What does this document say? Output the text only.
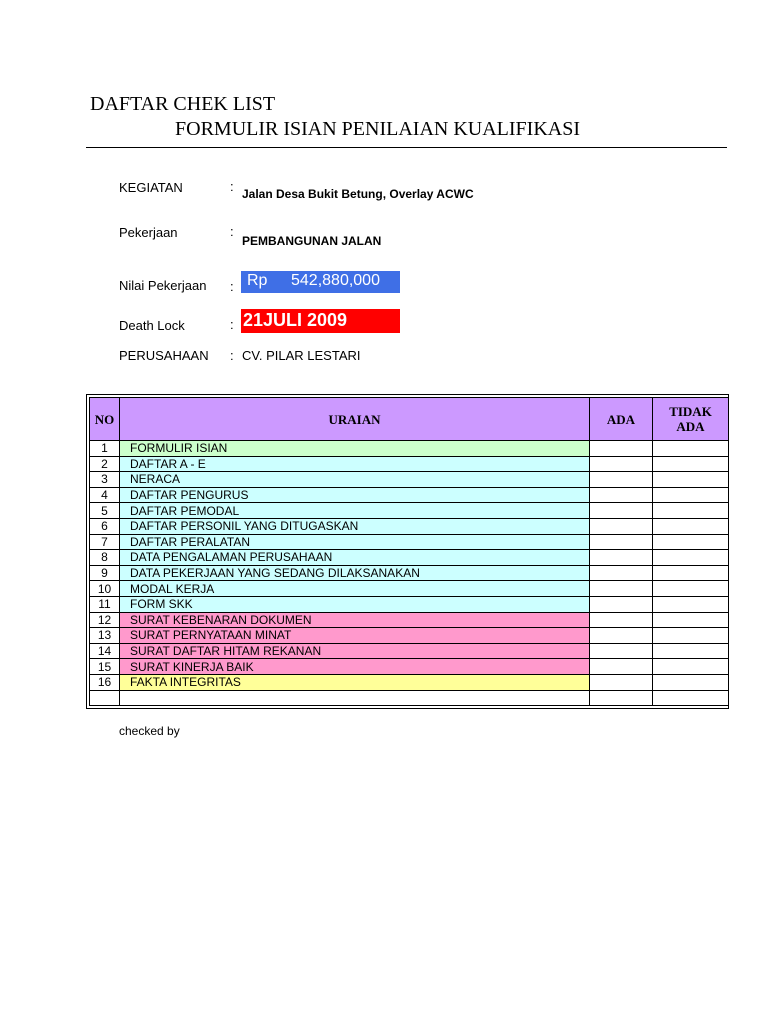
DAFTAR CHEK LIST
FORMULIR ISIAN PENILAIAN KUALIFIKASI
KEGIATAN	: Jalan Desa Bukit Betung, Overlay ACWC
Pekerjaan	:
PEMBANGUNAN JALAN
Nilai Pekerjaan : Rp 542,880,000
Death Lock	: 21JULI 2009
PERUSAHAAN : CV. PILAR LESTARI
NO	URAIAN	ADA	TIDAK
ADA
1	FORMULIR ISIAN		
2	DAFTAR A - E		
3	NERACA		
4	DAFTAR PENGURUS		
5	DAFTAR PEMODAL		
6	DAFTAR PERSONIL YANG DITUGASKAN		
7	DAFTAR PERALATAN		
8	DATA PENGALAMAN PERUSAHAAN		
9	DATA PEKERJAAN YANG SEDANG DILAKSANAKAN		
10	MODAL KERJA		
11	FORM SKK		
12	SURAT KEBENARAN DOKUMEN		
13	SURAT PERNYATAAN MINAT		
14	SURAT DAFTAR HITAM REKANAN		
15	SURAT KINERJA BAIK		
16	FAKTA INTEGRITAS		

checked by
